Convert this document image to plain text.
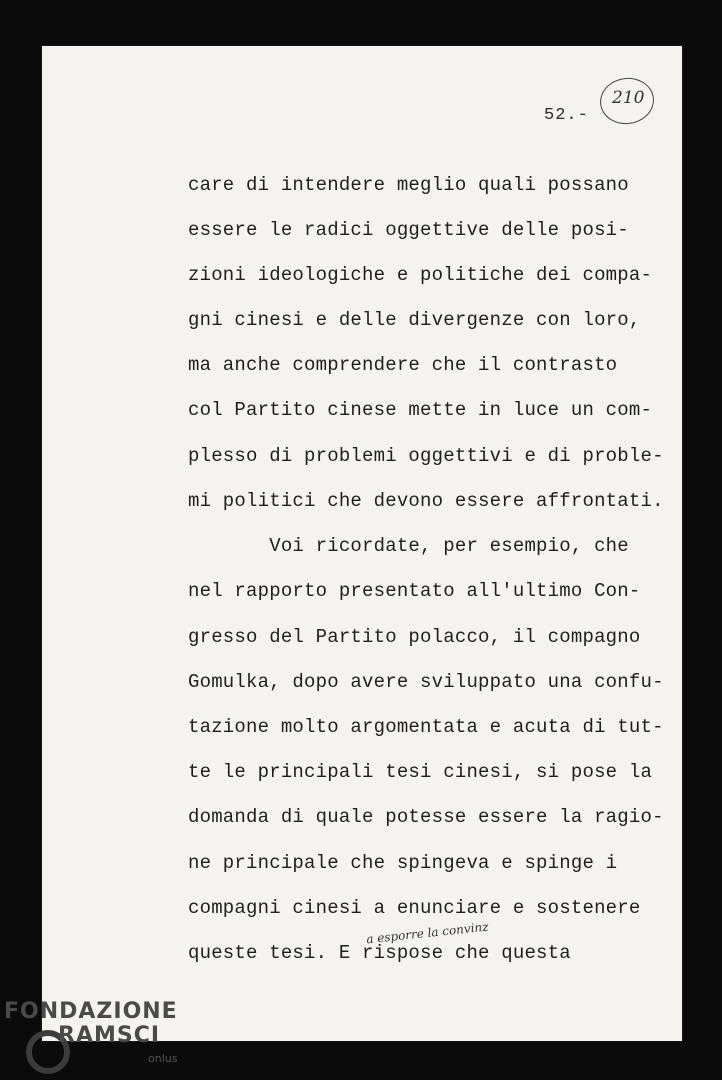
52.-
210
care di intendere meglio quali possano
essere le radici oggettive delle posi-
zioni ideologiche e politiche dei compa-
gni cinesi e delle divergenze con loro,
ma anche comprendere che il contrasto
col Partito cinese mette in luce un com-
plesso di problemi oggettivi e di proble-
mi politici che devono essere affrontati.
Voi ricordate, per esempio, che
nel rapporto presentato all'ultimo Con-
gresso del Partito polacco, il compagno
Gomulka, dopo avere sviluppato una confu-
tazione molto argomentata e acuta di tut-
te le principali tesi cinesi, si pose la
domanda di quale potesse essere la ragio-
ne principale che spingeva e spinge i
compagni cinesi a enunciare e sostenere
queste tesi. E rispose che questa
a esporre la convinz
FONDAZIONE
RAMSCI
onlus
